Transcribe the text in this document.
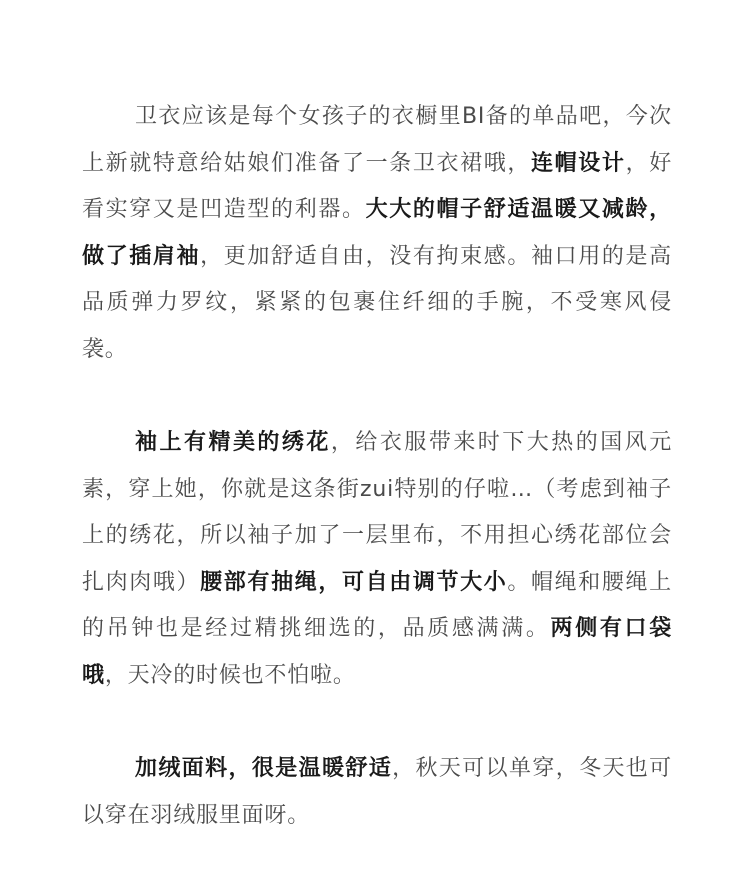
卫衣应该是每个女孩子的衣橱里BI备的单品吧，今次上新就特意给姑娘们准备了一条卫衣裙哦，连帽设计，好看实穿又是凹造型的利器。大大的帽子舒适温暖又减龄，做了插肩袖，更加舒适自由，没有拘束感。袖口用的是高品质弹力罗纹，紧紧的包裹住纤细的手腕，不受寒风侵袭。

袖上有精美的绣花，给衣服带来时下大热的国风元素，穿上她，你就是这条街zui特别的仔啦…（考虑到袖子上的绣花，所以袖子加了一层里布，不用担心绣花部位会扎肉肉哦）腰部有抽绳，可自由调节大小。帽绳和腰绳上的吊钟也是经过精挑细选的，品质感满满。两侧有口袋哦，天冷的时候也不怕啦。

加绒面料，很是温暖舒适，秋天可以单穿，冬天也可以穿在羽绒服里面呀。
